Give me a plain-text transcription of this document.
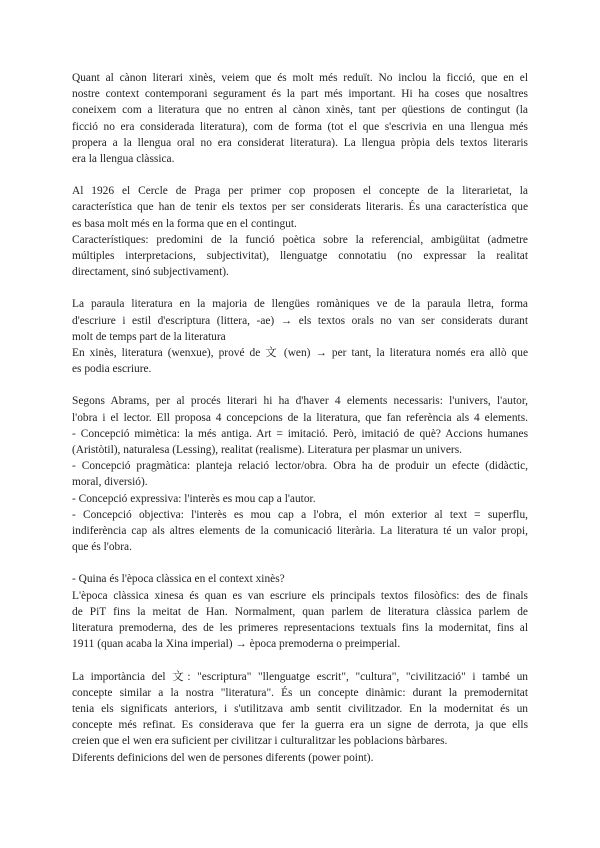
Quant al cànon literari xinès, veiem que és molt més reduït. No inclou la ficció, que en el
nostre context contemporani segurament és la part més important. Hi ha coses que nosaltres
coneixem com a literatura que no entren al cànon xinès, tant per qüestions de contingut (la
ficció no era considerada literatura), com de forma (tot el que s'escrivia en una llengua més
propera a la llengua oral no era considerat literatura). La llengua pròpia dels textos literaris
era la llengua clàssica.
Al 1926 el Cercle de Praga per primer cop proposen el concepte de la literarietat, la
característica que han de tenir els textos per ser considerats literaris. És una característica que
es basa molt més en la forma que en el contingut.
Característiques: predomini de la funció poètica sobre la referencial, ambigüitat (admetre
múltiples interpretacions, subjectivitat), llenguatge connotatiu (no expressar la realitat
directament, sinó subjectivament).
La paraula literatura en la majoria de llengües romàniques ve de la paraula lletra, forma
d'escriure i estil d'escriptura (littera, -ae) → els textos orals no van ser considerats durant
molt de temps part de la literatura
En xinès, literatura (wenxue), prové de 文 (wen) → per tant, la literatura només era allò que
es podia escriure.
Segons Abrams, per al procés literari hi ha d'haver 4 elements necessaris: l'univers, l'autor,
l'obra i el lector. Ell proposa 4 concepcions de la literatura, que fan referència als 4 elements.
- Concepció mimètica: la més antiga. Art = imitació. Però, imitació de què? Accions humanes
(Aristòtil), naturalesa (Lessing), realitat (realisme). Literatura per plasmar un univers.
- Concepció pragmàtica: planteja relació lector/obra. Obra ha de produir un efecte (didàctic,
moral, diversió).
- Concepció expressiva: l'interès es mou cap a l'autor.
- Concepció objectiva: l'interès es mou cap a l'obra, el món exterior al text = superflu,
indiferència cap als altres elements de la comunicació literària. La literatura té un valor propi,
que és l'obra.
- Quina és l'època clàssica en el context xinès?
L'època clàssica xinesa és quan es van escriure els principals textos filosòfics: des de finals
de PiT fins la meitat de Han. Normalment, quan parlem de literatura clàssica parlem de
literatura premoderna, des de les primeres representacions textuals fins la modernitat, fins al
1911 (quan acaba la Xina imperial) → època premoderna o preimperial.
La importància del 文: "escriptura" "llenguatge escrit", "cultura", "civilització" i també un
concepte similar a la nostra "literatura". És un concepte dinàmic: durant la premodernitat
tenia els significats anteriors, i s'utilitzava amb sentit civilitzador. En la modernitat és un
concepte més refinat. Es considerava que fer la guerra era un signe de derrota, ja que ells
creien que el wen era suficient per civilitzar i culturalitzar les poblacions bàrbares.
Diferents definicions del wen de persones diferents (power point).
